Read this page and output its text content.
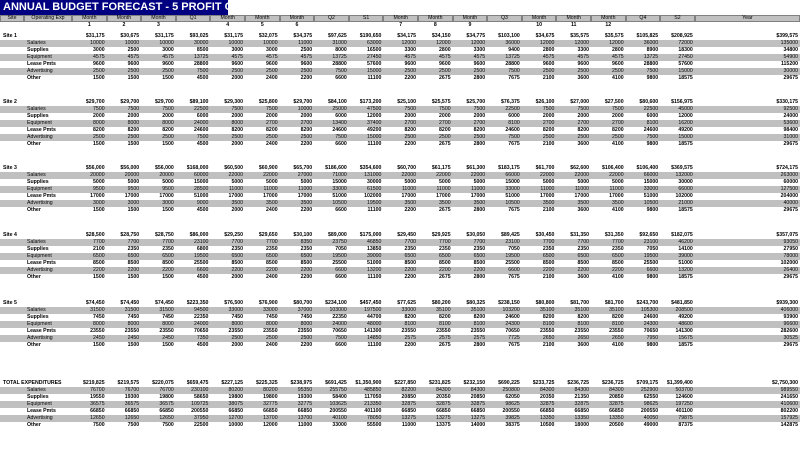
ANNUAL BUDGET FORECAST - 5 PROFIT CENTERS
Site	Operating Exp	Month	Month	Month	Q1	Month	Month	Month	Q2	S1	Month	Month	Month	Q3	Month	Month	Month	Q4	S2	Year
1	2	3	4	5	6	7	8	9	10	11	12
Site 1	$31,175	$30,675	$31,175	$93,025	$31,175	$32,075	$34,375	$97,625	$190,650	$34,175	$34,150	$34,775	$103,100	$34,675	$35,575	$35,575	$105,825	$208,925	$399,575
Salaries	10000	10000	10000	30000	10000	10000	11000	31000	63000	12000	12000	12000	36000	12000	12000	12000	36000	72000	135000
Supplies	3000	2500	3000	8500	3000	3000	2500	8000	16500	3300	2800	3300	9400	2800	3300	2800	8900	18300	34800
Equipment	4575	4575	4575	13725	4575	4575	4575	13725	27450	4575	4575	4575	13725	4575	4575	4575	13725	27450	54900
Lease Pmts	9600	9600	9600	28800	9600	9600	9600	28800	57600	9600	9600	9600	28800	9600	9600	9600	28800	57600	115200
Advertising	2500	2500	2500	7500	2500	2500	2500	7500	15000	2500	2500	2500	7500	2500	2500	2500	7500	15000	30000
Other	1500	1500	1500	4500	2000	2400	2200	6600	11100	2200	2675	2800	7675	2100	3600	4100	9800	18575	29675
Site 2	$29,700	$29,700	$29,700	$89,100	$29,300	$25,800	$29,700	$84,100	$173,200	$25,100	$25,575	$25,700	$76,375	$26,100	$27,000	$27,500	$80,600	$156,975	$330,175
Salaries	7500	7500	7500	22500	7500	7500	10000	25000	47500	7500	7500	7500	22500	7500	7500	7500	22500	45000	92500
Supplies	2000	2000	2000	6000	2000	2000	2000	6000	12000	2000	2000	2000	6000	2000	2000	2000	6000	12000	24000
Equipment	8000	8000	8000	24000	8000	2700	2700	13400	37400	2700	2700	2700	8100	2700	2700	2700	8100	16200	53600
Lease Pmts	8200	8200	8200	24600	8200	8200	8200	24600	49200	8200	8200	8200	24600	8200	8200	8200	24600	49200	98400
Advertising	2500	2500	2500	7500	2500	2500	2500	7500	15000	2500	2500	2500	7500	2500	2500	2500	7500	15000	31000
Other	1500	1500	1500	4500	2000	2400	2200	6600	11100	2200	2675	2800	7675	2100	3600	4100	9800	18575	29675
Site 3	$56,000	$56,000	$56,000	$168,000	$60,500	$60,900	$65,700	$186,600	$354,600	$60,700	$61,175	$61,300	$183,175	$61,700	$62,600	$106,400	$106,400	$369,575	$724,175
Salaries	20000	20000	20000	60000	22000	22000	27000	71000	131000	22000	22000	22000	66000	22000	22000	22000	66000	132000	263000
Supplies	5000	5000	5000	15000	5000	5000	5000	15000	30000	5000	5000	5000	15000	5000	5000	5000	15000	30000	60000
Equipment	9500	9500	9500	28500	11000	11000	11000	33000	61500	11000	11000	11000	33000	11000	11000	11000	33000	66000	127500
Lease Pmts	17000	17000	17000	51000	17000	17000	17000	51000	102000	17000	17000	17000	51000	17000	17000	17000	51000	102000	204000
Advertising	3000	3000	3000	9000	3500	3500	3500	10500	19500	3500	3500	3500	10500	3500	3500	3500	10500	21000	40000
Other	1500	1500	1500	4500	2000	2400	2200	6600	11100	2200	2675	2800	7675	2100	3600	4100	9800	18575	29675
Site 4	$28,500	$28,750	$28,750	$86,000	$29,250	$29,650	$30,100	$89,000	$175,000	$29,450	$29,925	$30,050	$89,425	$30,450	$31,350	$31,350	$92,650	$182,075	$357,075
Salaries	7700	7700	7700	23100	7700	7700	8350	23750	46850	7700	7700	7700	23100	7700	7700	7700	23100	46200	93050
Supplies	2100	2350	2350	6800	2350	2350	2350	7050	13850	2350	2350	2350	7050	2350	2350	2350	7050	14100	27950
Equipment	6500	6500	6500	19500	6500	6500	6500	19500	39000	6500	6500	6500	19500	6500	6500	6500	19500	39000	78000
Lease Pmts	8500	8500	8500	25500	8500	8500	8500	25500	51000	8500	8500	8500	25500	8500	8500	8500	25500	51000	102000
Advertising	2200	2200	2200	6600	2200	2200	2200	6600	13200	2200	2200	2200	6600	2200	2200	2200	6600	13200	26400
Other	1500	1500	1500	4500	2000	2400	2200	6600	11100	2200	2675	2800	7675	2100	3600	4100	9800	18575	29675
Site 5	$74,450	$74,450	$74,450	$223,350	$76,500	$76,900	$80,700	$234,100	$457,450	$77,625	$80,200	$80,325	$238,150	$80,800	$81,700	$81,700	$243,700	$481,850	$939,300
Salaries	31500	31500	31500	94500	33000	33000	37000	103000	197500	33000	35100	35100	103200	35100	35100	35100	105300	208500	406000
Supplies	7450	7450	7450	22350	7450	7450	7450	22350	44700	8200	8200	8200	24600	8200	8200	8200	24600	49200	93900
Equipment	8000	8000	8000	24000	8000	8000	8000	24000	48000	8100	8100	8100	24300	8100	8100	8100	24300	48600	96600
Lease Pmts	23550	23550	23550	70650	23550	23550	23550	70650	141300	23550	23550	23550	70650	23550	23550	23550	70650	141300	282600
Advertising	2450	2450	2450	7350	2500	2500	2500	7500	14850	2575	2575	2575	7725	2650	2650	2650	7950	15675	30525
Other	1500	1500	1500	4500	2000	2400	2200	6600	11100	2200	2675	2800	7675	2100	3600	4100	9800	18575	29675
TOTAL EXPENDITURES	$219,825	$219,575	$220,075	$659,475	$227,125	$225,325	$238,975	$691,425	$1,350,900	$227,850	$231,825	$232,150	$690,225	$233,725	$236,725	$236,725	$709,175	$1,399,400	$2,750,300
Salaries	76700	76700	76700	230100	80200	80200	95350	255750	485850	82200	84300	84300	250800	84300	84300	84300	252900	503700	989550
Supplies	19550	19300	19800	58650	19800	19800	19300	58400	117050	20850	20350	20850	62050	20350	21350	20850	62550	124600	241650
Equipment	36575	36575	36575	109725	38075	32775	32775	103625	213350	32875	32875	32875	98625	32875	32875	32875	98625	197250	410600
Lease Pmts	66850	66850	66850	200550	66850	66850	66850	200550	401100	66850	66850	66850	200550	66850	66850	66850	200550	401100	802200
Advertising	12650	12650	12650	37950	12700	13700	13700	40100	78050	13275	13275	13275	39825	13350	13350	13350	40050	79875	157925
Other	7500	7500	7500	22500	10000	12000	11000	33000	55500	11000	13375	14000	38375	10500	18000	20500	49000	87375	142875
